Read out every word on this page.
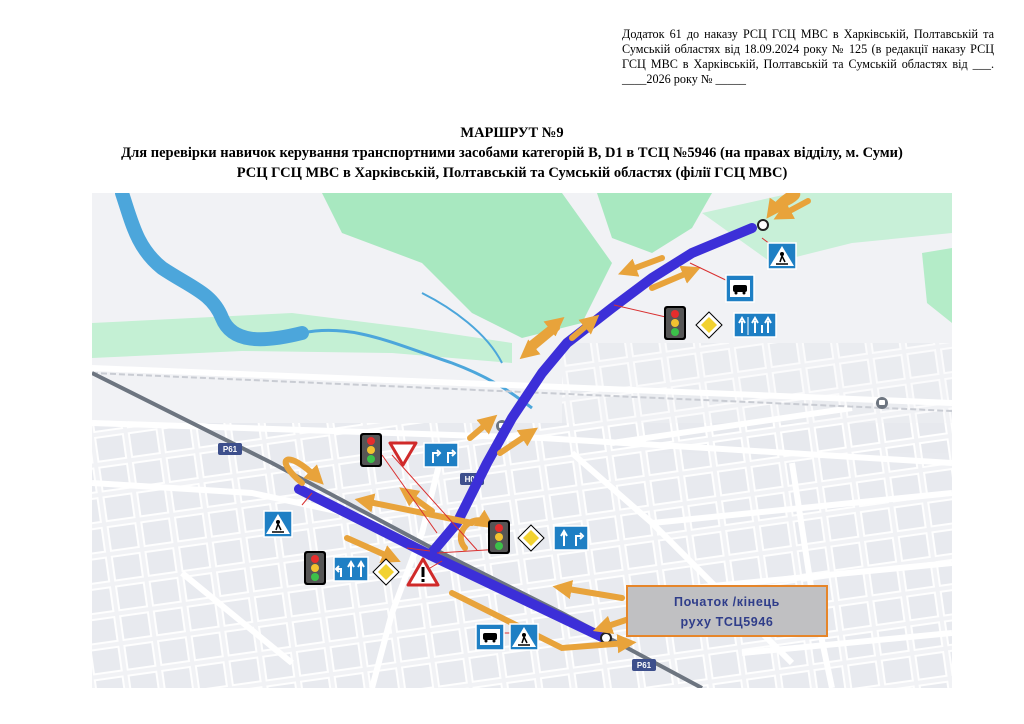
Додаток 61 до наказу РСЦ ГСЦ МВС в Харківській, Полтавській та Сумській областях від 18.09.2024 року № 125 (в редакції наказу РСЦ ГСЦ МВС в Харківській, Полтавській та Сумській областях від ___. ____2026 року № _____
МАРШРУТ №9
Для перевірки навичок керування транспортними засобами категорій B, D1 в ТСЦ №5946 (на правах відділу, м. Суми)
РСЦ ГСЦ МВС в Харківській, Полтавській та Сумській областях (філії ГСЦ МВС)
Р61
Н07
Р61
Початок /кінець
руху ТСЦ5946
